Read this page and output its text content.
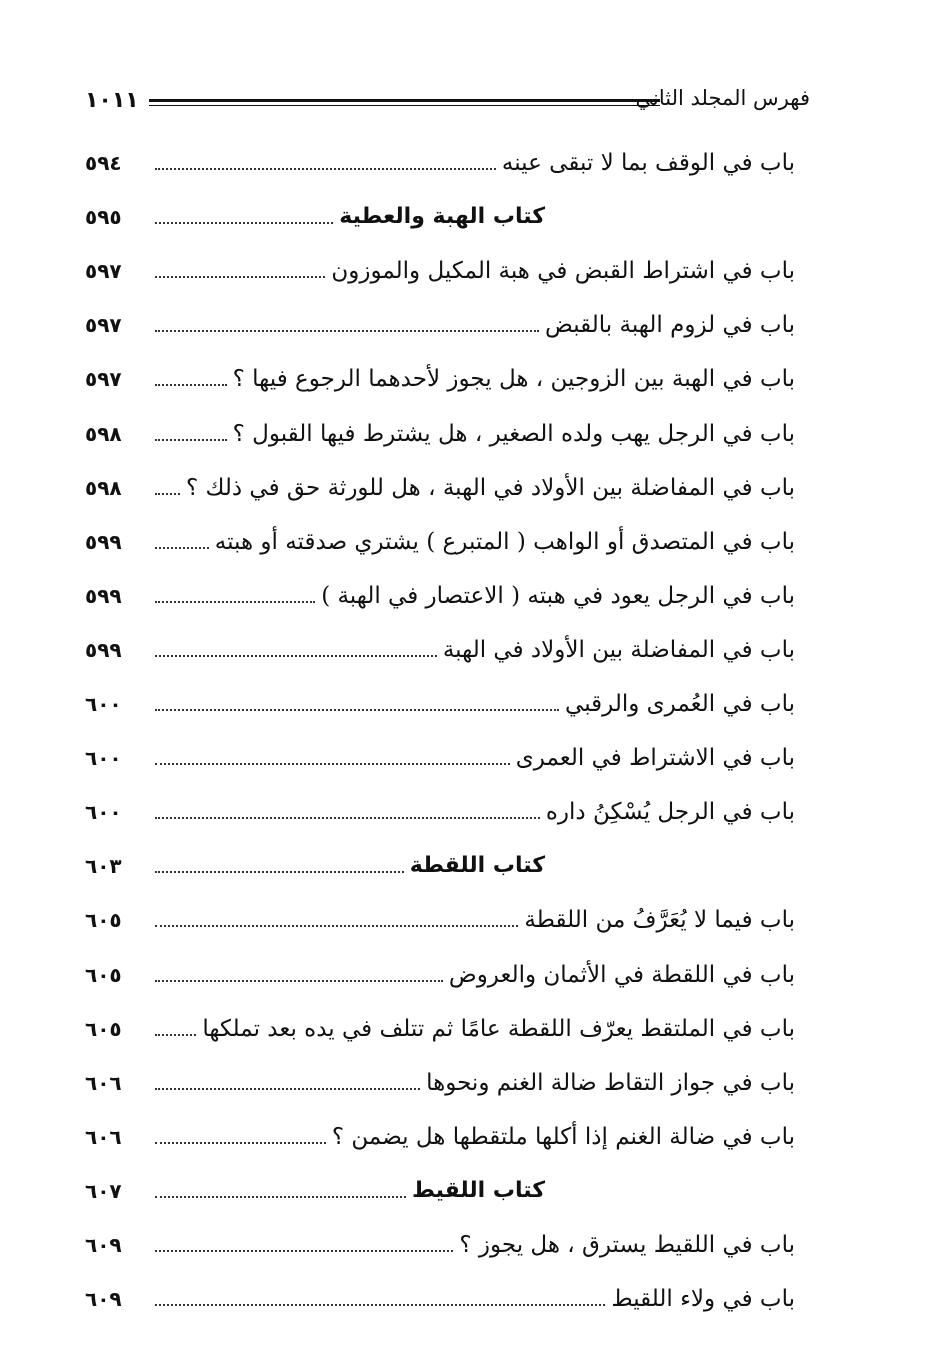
فهرس المجلد الثاني
١٠١١
باب في الوقف بما لا تبقى عينه
٥٩٤
كتاب الهبة والعطية
٥٩٥
باب في اشتراط القبض في هبة المكيل والموزون
٥٩٧
باب في لزوم الهبة بالقبض
٥٩٧
باب في الهبة بين الزوجين ، هل يجوز لأحدهما الرجوع فيها ؟
٥٩٧
باب في الرجل يهب ولده الصغير ، هل يشترط فيها القبول ؟
٥٩٨
باب في المفاضلة بين الأولاد في الهبة ، هل للورثة حق في ذلك ؟
٥٩٨
باب في المتصدق أو الواهب ( المتبرع ) يشتري صدقته أو هبته
٥٩٩
باب في الرجل يعود في هبته ( الاعتصار في الهبة )
٥٩٩
باب في المفاضلة بين الأولاد في الهبة
٥٩٩
باب في العُمرى والرقبي
٦٠٠
باب في الاشتراط في العمرى
٦٠٠
باب في الرجل يُسْكِنُ داره
٦٠٠
كتاب اللقطة
٦٠٣
باب فيما لا يُعَرَّفُ من اللقطة
٦٠٥
باب في اللقطة في الأثمان والعروض
٦٠٥
باب في الملتقط يعرّف اللقطة عامًا ثم تتلف في يده بعد تملكها
٦٠٥
باب في جواز التقاط ضالة الغنم ونحوها
٦٠٦
باب في ضالة الغنم إذا أكلها ملتقطها هل يضمن ؟
٦٠٦
كتاب اللقيط
٦٠٧
باب في اللقيط يسترق ، هل يجوز ؟
٦٠٩
باب في ولاء اللقيط
٦٠٩
